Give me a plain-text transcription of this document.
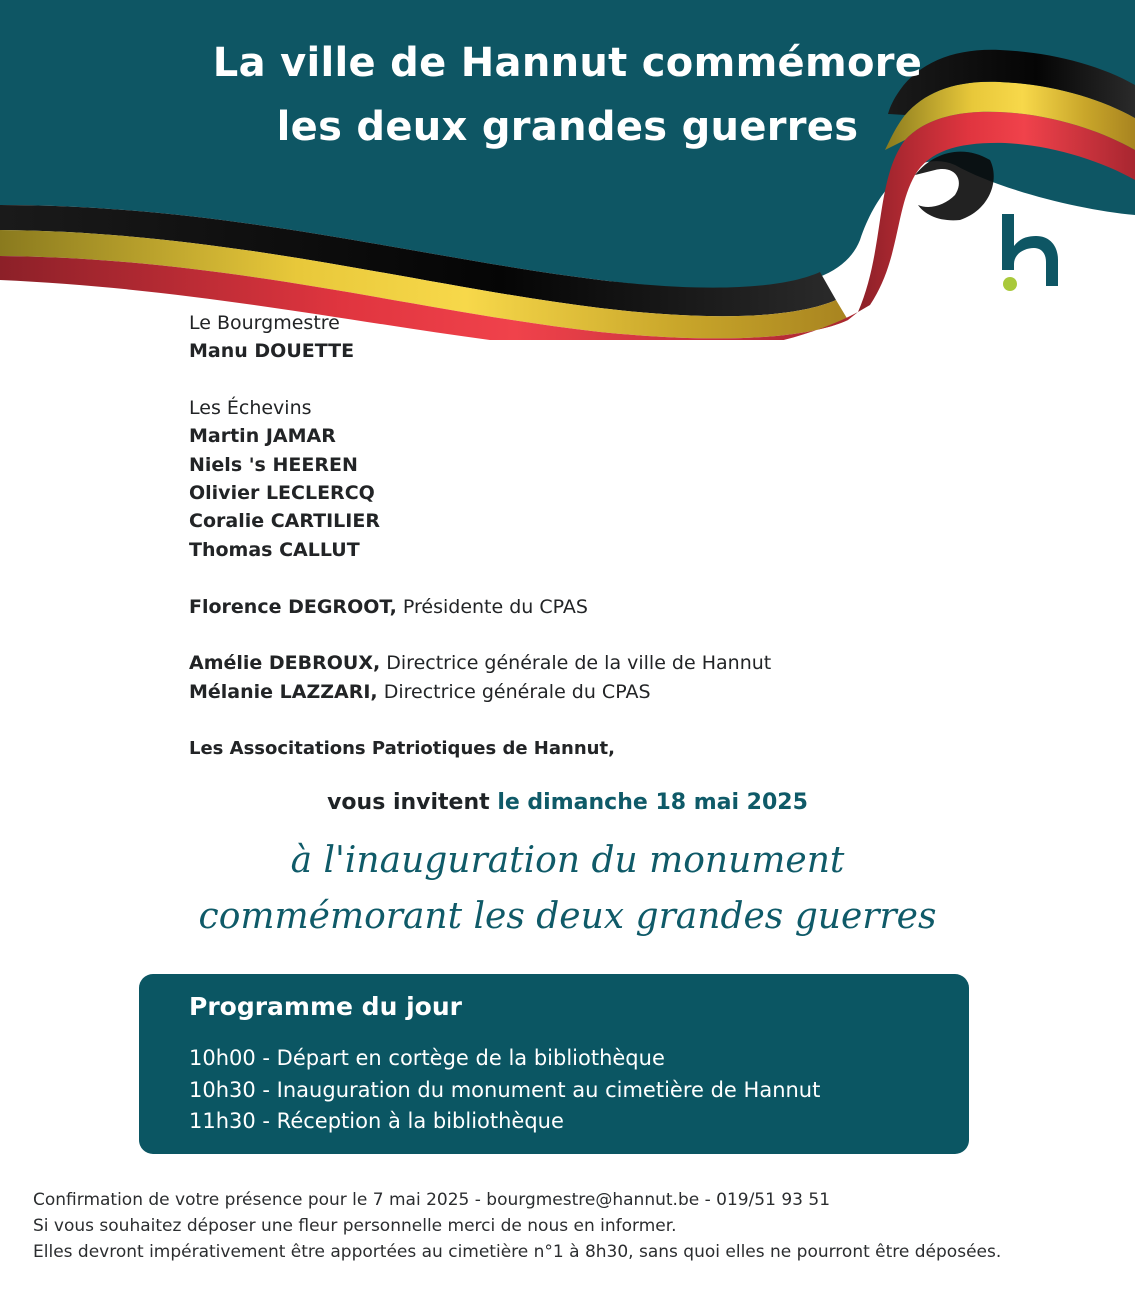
La ville de Hannut commémore
les deux grandes guerres
Le Bourgmestre
Manu DOUETTE
Les Échevins
Martin JAMAR
Niels 's HEEREN
Olivier LECLERCQ
Coralie CARTILIER
Thomas CALLUT
Florence DEGROOT, Présidente du CPAS
Amélie DEBROUX, Directrice générale de la ville de Hannut
Mélanie LAZZARI, Directrice générale du CPAS
Les Associtations Patriotiques de Hannut,
vous invitent le dimanche 18 mai 2025
à l'inauguration du monument
commémorant les deux grandes guerres
Programme du jour
10h00 - Départ en cortège de la bibliothèque
10h30 - Inauguration du monument au cimetière de Hannut
11h30 - Réception à la bibliothèque
Confirmation de votre présence pour le 7 mai 2025 - bourgmestre@hannut.be - 019/51 93 51
Si vous souhaitez déposer une fleur personnelle merci de nous en informer.
Elles devront impérativement être apportées au cimetière n°1 à 8h30, sans quoi elles ne pourront être déposées.
